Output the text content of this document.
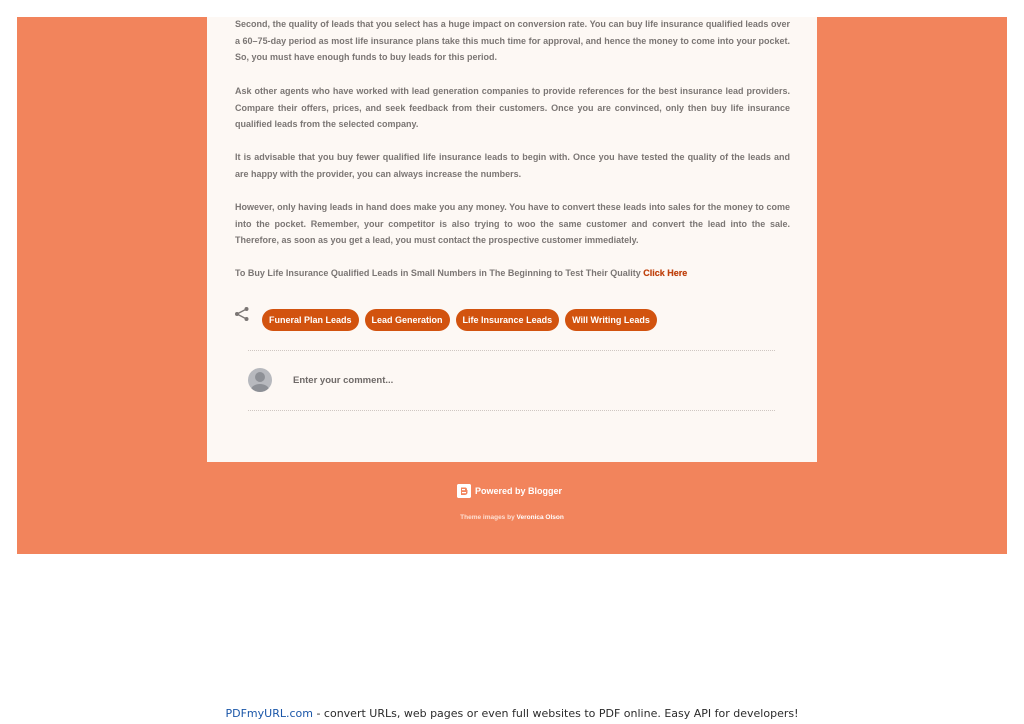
Second, the quality of leads that you select has a huge impact on conversion rate. You can buy life insurance qualified leads over a 60–75-day period as most life insurance plans take this much time for approval, and hence the money to come into your pocket. So, you must have enough funds to buy leads for this period.

Ask other agents who have worked with lead generation companies to provide references for the best insurance lead providers. Compare their offers, prices, and seek feedback from their customers. Once you are convinced, only then buy life insurance qualified leads from the selected company.

It is advisable that you buy fewer qualified life insurance leads to begin with. Once you have tested the quality of the leads and are happy with the provider, you can always increase the numbers.

However, only having leads in hand does make you any money. You have to convert these leads into sales for the money to come into the pocket. Remember, your competitor is also trying to woo the same customer and convert the lead into the sale. Therefore, as soon as you get a lead, you must contact the prospective customer immediately.

To Buy Life Insurance Qualified Leads in Small Numbers in The Beginning to Test Their Quality Click Here
Funeral Plan Leads	Lead Generation	Life Insurance Leads	Will Writing Leads
Enter your comment...
Powered by Blogger
Theme images by Veronica Olson
PDFmyURL.com - convert URLs, web pages or even full websites to PDF online. Easy API for developers!
